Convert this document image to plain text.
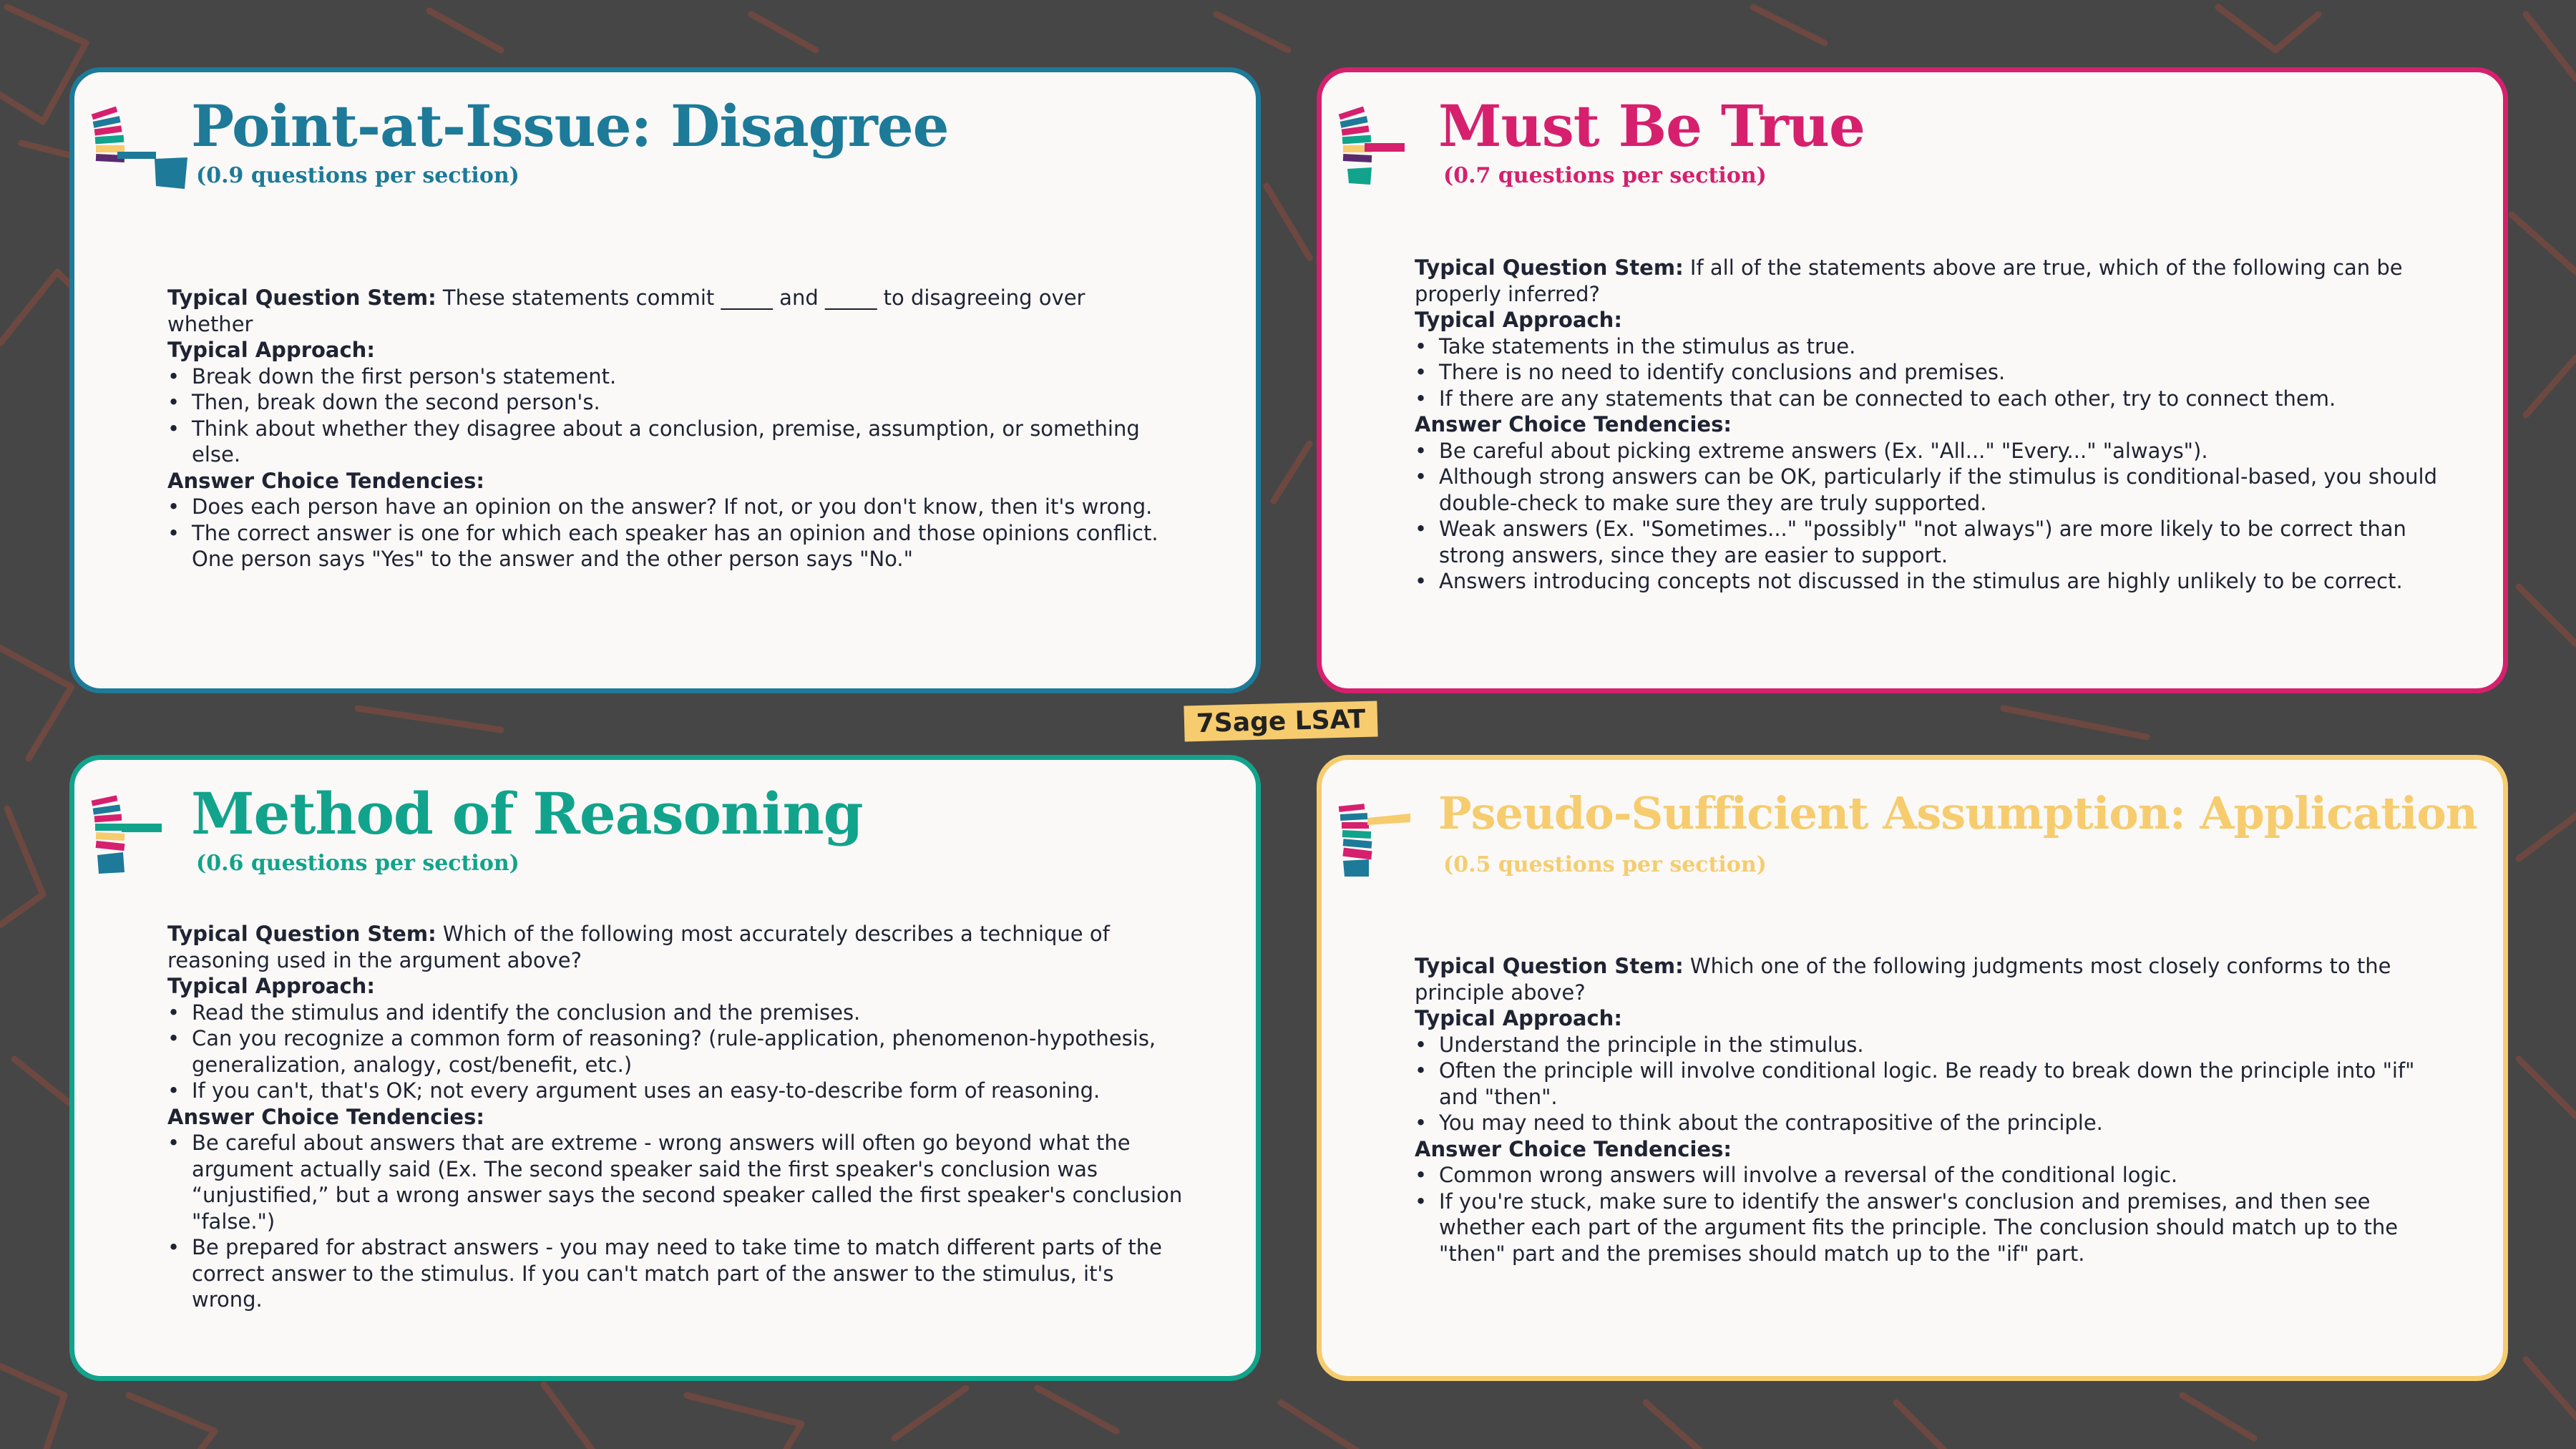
Point-at-Issue: Disagree

(0.9 questions per section)

Typical Question Stem: These statements commit _____ and _____ to disagreeing over whether

Typical Approach:

• Break down the first person's statement.
• Then, break down the second person's.
• Think about whether they disagree about a conclusion, premise, assumption, or something else.

Answer Choice Tendencies:

• Does each person have an opinion on the answer? If not, or you don't know, then it's wrong.
• The correct answer is one for which each speaker has an opinion and those opinions conflict. One person says "Yes" to the answer and the other person says "No."
Must Be True

(0.7 questions per section)

Typical Question Stem: If all of the statements above are true, which of the following can be properly inferred?

Typical Approach:

• Take statements in the stimulus as true.
• There is no need to identify conclusions and premises.
• If there are any statements that can be connected to each other, try to connect them.

Answer Choice Tendencies:

• Be careful about picking extreme answers (Ex. "All..." "Every..." "always").
• Although strong answers can be OK, particularly if the stimulus is conditional-based, you should double-check to make sure they are truly supported.
• Weak answers (Ex. "Sometimes..." "possibly" "not always") are more likely to be correct than strong answers, since they are easier to support.
• Answers introducing concepts not discussed in the stimulus are highly unlikely to be correct.
Method of Reasoning

(0.6 questions per section)

Typical Question Stem: Which of the following most accurately describes a technique of reasoning used in the argument above?

Typical Approach:

• Read the stimulus and identify the conclusion and the premises.
• Can you recognize a common form of reasoning? (rule-application, phenomenon-hypothesis, generalization, analogy, cost/benefit, etc.)
• If you can't, that's OK; not every argument uses an easy-to-describe form of reasoning.

Answer Choice Tendencies:

• Be careful about answers that are extreme - wrong answers will often go beyond what the argument actually said (Ex. The second speaker said the first speaker's conclusion was “unjustified,” but a wrong answer says the second speaker called the first speaker's conclusion "false.")
• Be prepared for abstract answers - you may need to take time to match different parts of the correct answer to the stimulus. If you can't match part of the answer to the stimulus, it's wrong.
Pseudo-Sufficient Assumption: Application

(0.5 questions per section)

Typical Question Stem: Which one of the following judgments most closely conforms to the principle above?

Typical Approach:

• Understand the principle in the stimulus.
• Often the principle will involve conditional logic. Be ready to break down the principle into "if" and "then".
• You may need to think about the contrapositive of the principle.

Answer Choice Tendencies:

• Common wrong answers will involve a reversal of the conditional logic.
• If you're stuck, make sure to identify the answer's conclusion and premises, and then see whether each part of the argument fits the principle. The conclusion should match up to the "then" part and the premises should match up to the "if" part.
7Sage LSAT
